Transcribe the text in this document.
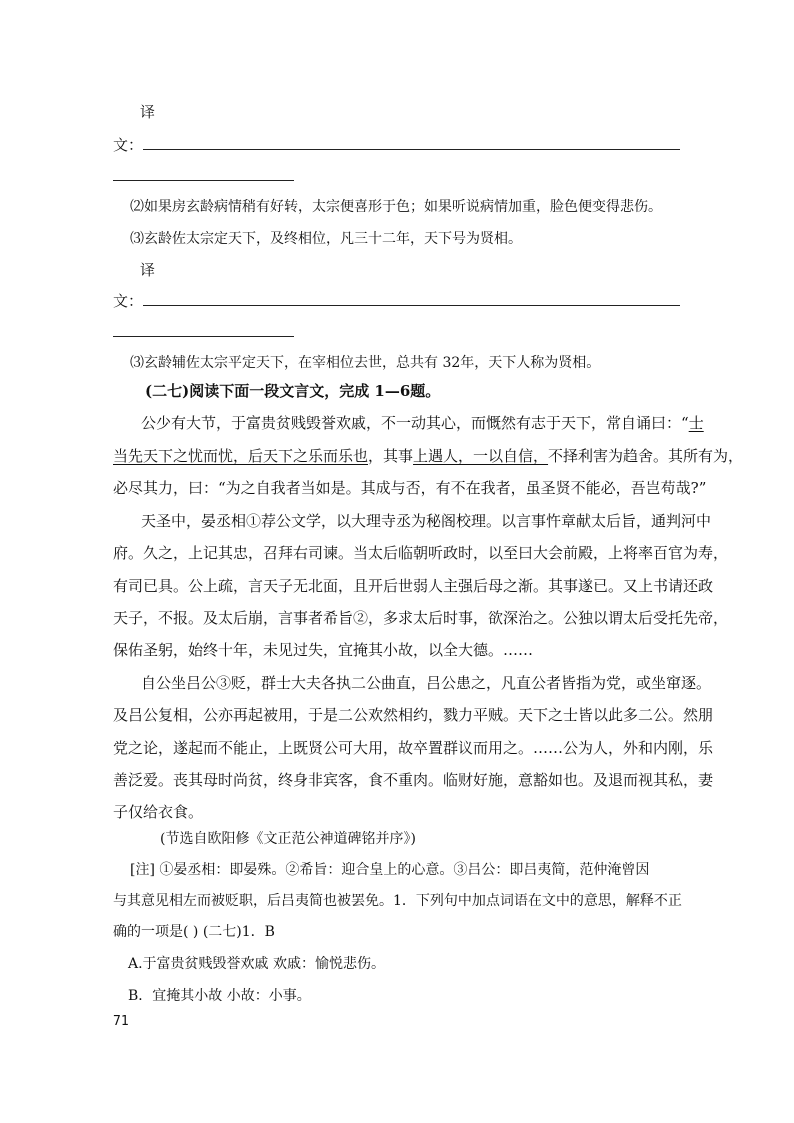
译
文：
⑵如果房玄龄病情稍有好转，太宗便喜形于色；如果听说病情加重，脸色便变得悲伤。
⑶玄龄佐太宗定天下，及终相位，凡三十二年，天下号为贤相。
译
文：
⑶玄龄辅佐太宗平定天下，在宰相位去世，总共有 32年，天下人称为贤相。
(二七)阅读下面一段文言文，完成 1—6题。
公少有大节，于富贵贫贱毁誉欢戚，不一动其心，而慨然有志于天下，常自诵曰：“士
当先天下之忧而忧，后天下之乐而乐也，其事上遇人，一以自信，不择利害为趋舍。其所有为，
必尽其力，曰：“为之自我者当如是。其成与否，有不在我者，虽圣贤不能必，吾岂苟哉?”
天圣中，晏丞相①荐公文学，以大理寺丞为秘阁校理。以言事忤章献太后旨，通判河中
府。久之，上记其忠，召拜右司谏。当太后临朝听政时，以至曰大会前殿，上将率百官为寿，
有司已具。公上疏，言天子无北面，且开后世弱人主强后母之渐。其事遂已。又上书请还政
天子，不报。及太后崩，言事者希旨②，多求太后时事，欲深治之。公独以谓太后受托先帝，
保佑圣躬，始终十年，未见过失，宜掩其小故，以全大德。……
自公坐吕公③贬，群士大夫各执二公曲直，吕公患之，凡直公者皆指为党，或坐窜逐。
及吕公复相，公亦再起被用，于是二公欢然相约，戮力平贼。天下之士皆以此多二公。然朋
党之论，遂起而不能止，上既贤公可大用，故卒置群议而用之。……公为人，外和内刚，乐
善泛爱。丧其母时尚贫，终身非宾客，食不重肉。临财好施，意豁如也。及退而视其私，妻
子仅给衣食。
(节选自欧阳修《文正范公神道碑铭并序》)
[注] ①晏丞相：即晏殊。②希旨：迎合皇上的心意。③吕公：即吕夷简，范仲淹曾因
与其意见相左而被贬职，后吕夷简也被罢免。1．下列句中加点词语在文中的意思，解释不正
确的一项是( ) (二七)1．B
A.于富贵贫贱毁誉欢戚 欢戚：愉悦悲伤。
B．宜掩其小故 小故：小事。
71
